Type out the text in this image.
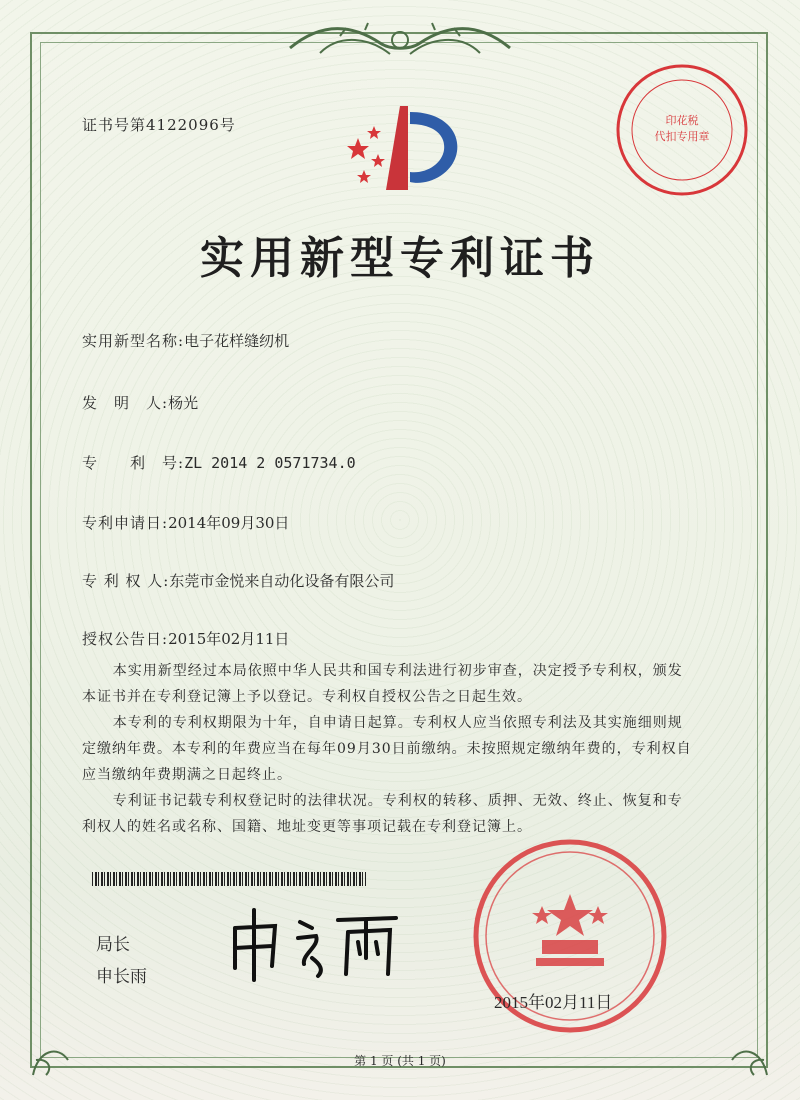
证书号第4122096号	印花税
代扣专用章
实用新型专利证书
实用新型名称:电子花样缝纫机
发　明　人:杨光
专　　利　号:ZL 2014 2 0571734.0
专利申请日:2014年09月30日
专 利 权 人:东莞市金悦来自动化设备有限公司
授权公告日:2015年02月11日

本实用新型经过本局依照中华人民共和国专利法进行初步审查，决定授予专利权，颁发本证书并在专利登记簿上予以登记。专利权自授权公告之日起生效。

本专利的专利权期限为十年，自申请日起算。专利权人应当依照专利法及其实施细则规定缴纳年费。本专利的年费应当在每年09月30日前缴纳。未按照规定缴纳年费的，专利权自应当缴纳年费期满之日起终止。

专利证书记载专利权登记时的法律状况。专利权的转移、质押、无效、终止、恢复和专利权人的姓名或名称、国籍、地址变更等事项记载在专利登记簿上。

局长
申长雨
2015年02月11日
第 1 页 (共 1 页)
